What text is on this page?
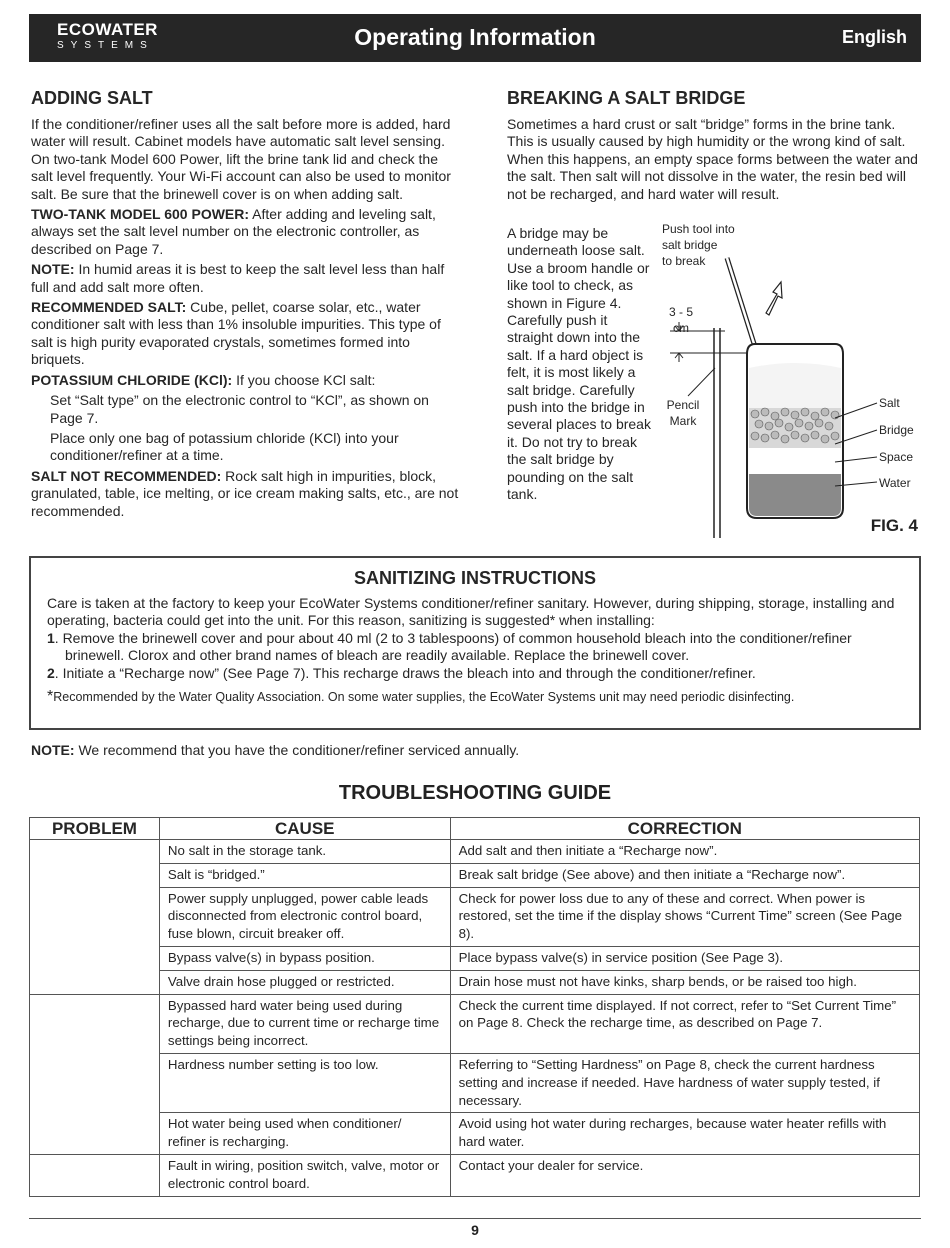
ECOWATER
SYSTEMS	Operating Information	English
ADDING SALT

If the conditioner/refiner uses all the salt before more is added, hard water will result. Cabinet models have automatic salt level sensing. On two-tank Model 600 Power, lift the brine tank lid and check the salt level frequently. Your Wi-Fi account can also be used to monitor salt. Be sure that the brinewell cover is on when adding salt.

TWO-TANK MODEL 600 POWER: After adding and leveling salt, always set the salt level number on the electronic controller, as described on Page 7.

NOTE: In humid areas it is best to keep the salt level less than half full and add salt more often.

RECOMMENDED SALT: Cube, pellet, coarse solar, etc., water conditioner salt with less than 1% insoluble impurities. This type of salt is high purity evaporated crystals, sometimes formed into briquets.

POTASSIUM CHLORIDE (KCl): If you choose KCl salt:

Set “Salt type” on the electronic control to “KCl”, as shown on Page 7.

Place only one bag of potassium chloride (KCl) into your conditioner/refiner at a time.

SALT NOT RECOMMENDED: Rock salt high in impurities, block, granulated, table, ice melting, or ice cream making salts, etc., are not recommended.

BREAKING A SALT BRIDGE

Sometimes a hard crust or salt “bridge” forms in the brine tank. This is usually caused by high humidity or the wrong kind of salt. When this happens, an empty space forms between the water and the salt. Then salt will not dissolve in the water, the resin bed will not be recharged, and hard water will result.

A bridge may be underneath loose salt. Use a broom handle or like tool to check, as shown in Figure 4. Carefully push it straight down into the salt. If a hard object is felt, it is most likely a salt bridge. Carefully push into the bridge in several places to break it. Do not try to break the salt bridge by pounding on the salt tank.
Push tool into
salt bridge
to break
3 - 5
cm
Pencil
Mark
Salt
Bridge
Space
Water
FIG. 4
SANITIZING INSTRUCTIONS

Care is taken at the factory to keep your EcoWater Systems conditioner/refiner sanitary. However, during shipping, storage, installing and operating, bacteria could get into the unit. For this reason, sanitizing is suggested* when installing:

1. Remove the brinewell cover and pour about 40 ml (2 to 3 tablespoons) of common household bleach into the conditioner/refiner brinewell. Clorox and other brand names of bleach are readily available. Replace the brinewell cover.

2. Initiate a “Recharge now” (See Page 7). This recharge draws the bleach into and through the conditioner/refiner.

*Recommended by the Water Quality Association. On some water supplies, the EcoWater Systems unit may need periodic disinfecting.

NOTE: We recommend that you have the conditioner/refiner serviced annually.
TROUBLESHOOTING GUIDE
PROBLEM	CAUSE	CORRECTION
	No salt in the storage tank.	Add salt and then initiate a “Recharge now”.
	Salt is “bridged.”	Break salt bridge (See above) and then initiate a “Recharge now”.
	Power supply unplugged, power cable leads disconnected from electronic control board, fuse blown, circuit breaker off.	Check for power loss due to any of these and correct. When power is restored, set the time if the display shows “Current Time” screen (See Page 8).
	Bypass valve(s) in bypass position.	Place bypass valve(s) in service position (See Page 3).
	Valve drain hose plugged or restricted.	Drain hose must not have kinks, sharp bends, or be raised too high.
	Bypassed hard water being used during recharge, due to current time or recharge time settings being incorrect.	Check the current time displayed. If not correct, refer to “Set Current Time” on Page 8. Check the recharge time, as described on Page 7.
	Hardness number setting is too low.	Referring to “Setting Hardness” on Page 8, check the current hardness setting and increase if needed. Have hardness of water supply tested, if necessary.
	Hot water being used when conditioner/ refiner is recharging.	Avoid using hot water during recharges, because water heater refills with hard water.
	Fault in wiring, position switch, valve, motor or electronic control board.	Contact your dealer for service.
9
